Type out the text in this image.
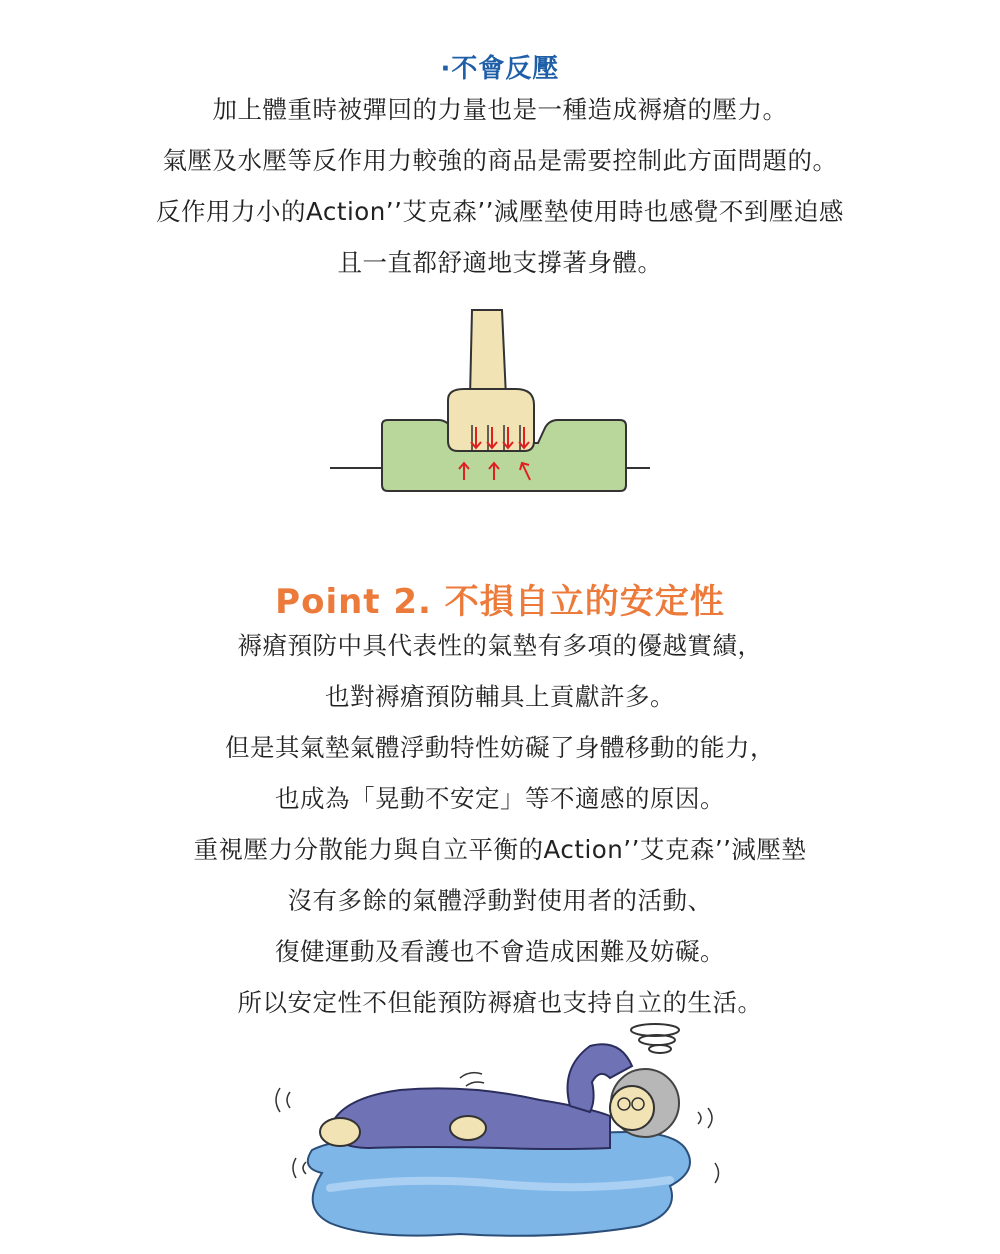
·不會反壓
加上體重時被彈回的力量也是一種造成褥瘡的壓力。
氣壓及水壓等反作用力較強的商品是需要控制此方面問題的。
反作用力小的Action’’艾克森’’減壓墊使用時也感覺不到壓迫感
且一直都舒適地支撐著身體。
Point 2. 不損自立的安定性
褥瘡預防中具代表性的氣墊有多項的優越實績，
也對褥瘡預防輔具上貢獻許多。
但是其氣墊氣體浮動特性妨礙了身體移動的能力，
也成為「晃動不安定」等不適感的原因。
重視壓力分散能力與自立平衡的Action’’艾克森’’減壓墊
沒有多餘的氣體浮動對使用者的活動、
復健運動及看護也不會造成困難及妨礙。
所以安定性不但能預防褥瘡也支持自立的生活。
